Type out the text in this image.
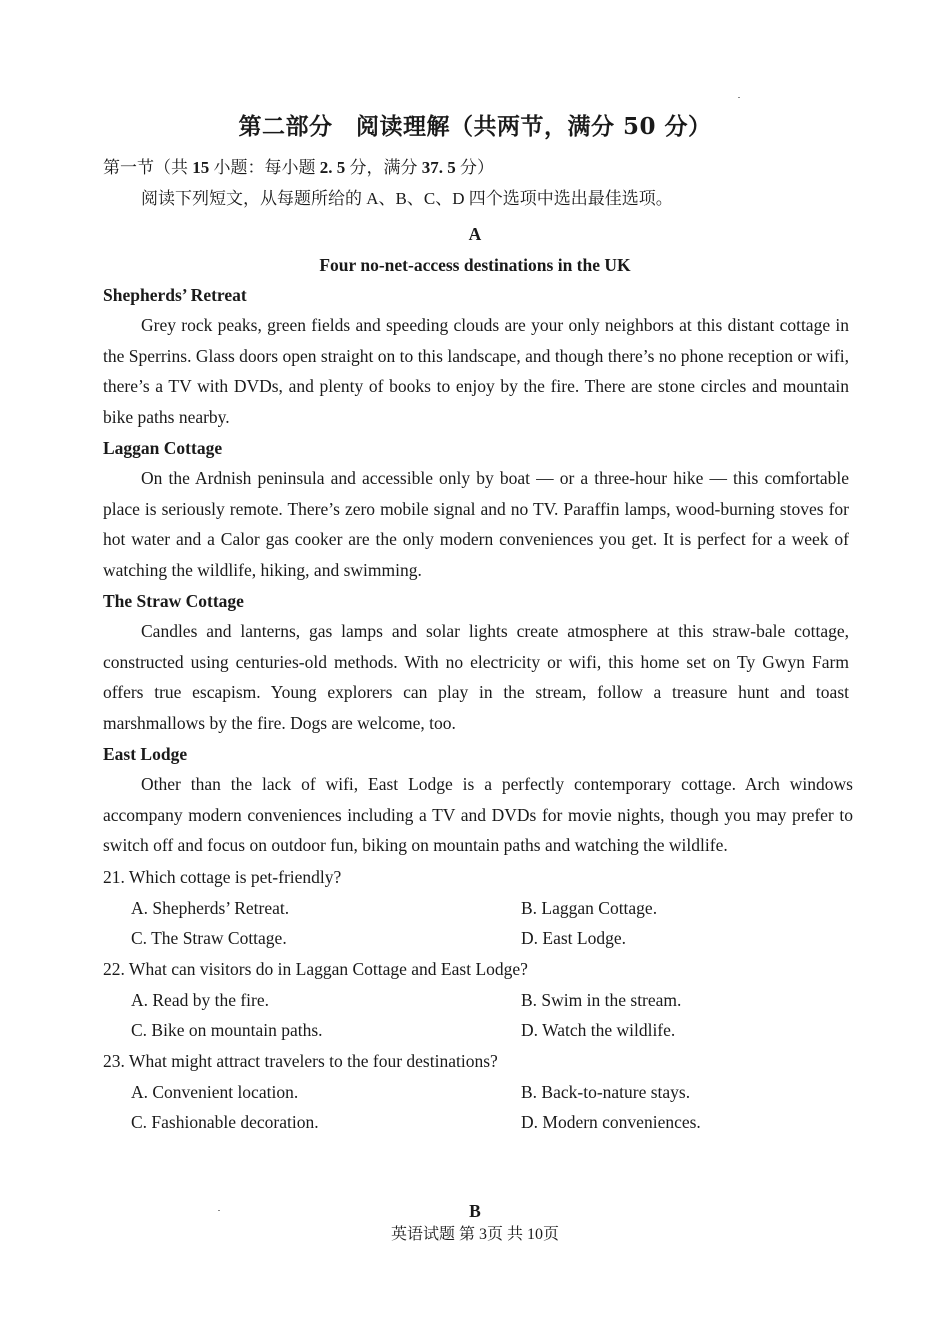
第二部分　阅读理解（共两节，满分 50 分）
第一节（共 15 小题：每小题 2. 5 分，满分 37. 5 分）
阅读下列短文，从每题所给的 A、B、C、D 四个选项中选出最佳选项。
A
Four no-net-access destinations in the UK
Shepherds’ Retreat

Grey rock peaks, green fields and speeding clouds are your only neighbors at this distant cottage in the Sperrins. Glass doors open straight on to this landscape, and though there’s no phone reception or wifi, there’s a TV with DVDs, and plenty of books to enjoy by the fire. There are stone circles and mountain bike paths nearby.

Laggan Cottage

On the Ardnish peninsula and accessible only by boat — or a three-hour hike — this comfortable place is seriously remote. There’s zero mobile signal and no TV. Paraffin lamps, wood-burning stoves for hot water and a Calor gas cooker are the only modern conveniences you get. It is perfect for a week of watching the wildlife, hiking, and swimming.

The Straw Cottage

Candles and lanterns, gas lamps and solar lights create atmosphere at this straw-bale cottage, constructed using centuries-old methods. With no electricity or wifi, this home set on Ty Gwyn Farm offers true escapism. Young explorers can play in the stream, follow a treasure hunt and toast marshmallows by the fire. Dogs are welcome, too.

East Lodge

Other than the lack of wifi, East Lodge is a perfectly contemporary cottage. Arch windows accompany modern conveniences including a TV and DVDs for movie nights, though you may prefer to switch off and focus on outdoor fun, biking on mountain paths and watching the wildlife.

21. Which cottage is pet-friendly?
A. Shepherds’ Retreat.	B. Laggan Cottage.
C. The Straw Cottage.	D. East Lodge.
22. What can visitors do in Laggan Cottage and East Lodge?
A. Read by the fire.	B. Swim in the stream.
C. Bike on mountain paths.	D. Watch the wildlife.
23. What might attract travelers to the four destinations?
A. Convenient location.	B. Back-to-nature stays.
C. Fashionable decoration.	D. Modern conveniences.
B
英语试题 第 3页 共 10页
